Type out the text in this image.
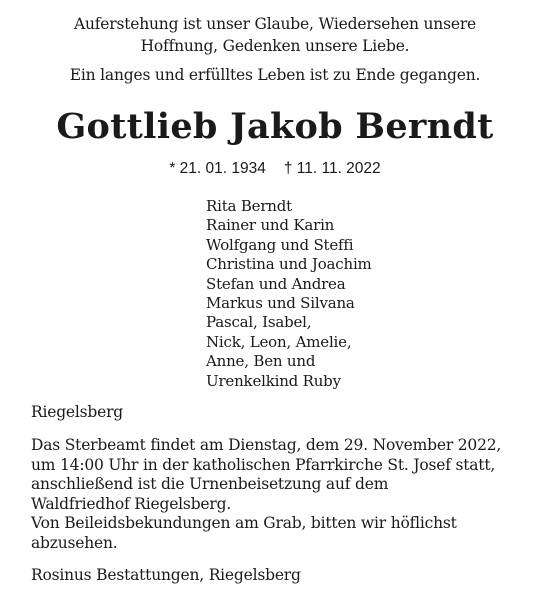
Auferstehung ist unser Glaube, Wiedersehen unsere
Hoffnung, Gedenken unsere Liebe.
Ein langes und erfülltes Leben ist zu Ende gegangen.
Gottlieb Jakob Berndt
* 21. 01. 1934 † 11. 11. 2022
Rita Berndt
Rainer und Karin
Wolfgang und Steffi
Christina und Joachim
Stefan und Andrea
Markus und Silvana
Pascal, Isabel,
Nick, Leon, Amelie,
Anne, Ben und
Urenkelkind Ruby
Riegelsberg
Das Sterbeamt findet am Dienstag, dem 29. November 2022,
um 14:00 Uhr in der katholischen Pfarrkirche St. Josef statt,
anschließend ist die Urnenbeisetzung auf dem
Waldfriedhof Riegelsberg.
Von Beileidsbekundungen am Grab, bitten wir höflichst
abzusehen.
Rosinus Bestattungen, Riegelsberg
